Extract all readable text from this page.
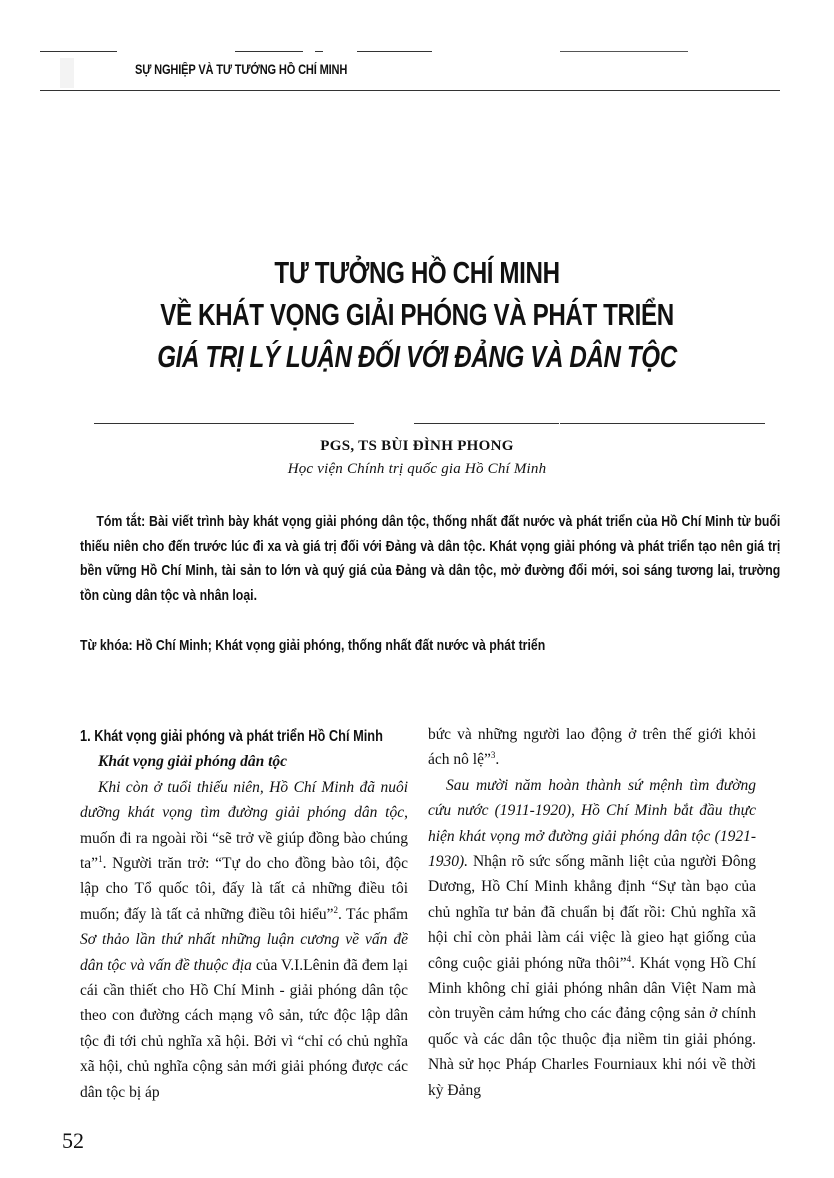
SỰ NGHIỆP VÀ TƯ TƯỞNG HỒ CHÍ MINH
TƯ TƯỞNG HỒ CHÍ MINH
VỀ KHÁT VỌNG GIẢI PHÓNG VÀ PHÁT TRIỂN
GIÁ TRỊ LÝ LUẬN ĐỐI VỚI ĐẢNG VÀ DÂN TỘC
PGS, TS BÙI ĐÌNH PHONG
Học viện Chính trị quốc gia Hồ Chí Minh
Tóm tắt: Bài viết trình bày khát vọng giải phóng dân tộc, thống nhất đất nước và phát triển của Hồ Chí Minh từ buổi thiếu niên cho đến trước lúc đi xa và giá trị đối với Đảng và dân tộc. Khát vọng giải phóng và phát triển tạo nên giá trị bền vững Hồ Chí Minh, tài sản to lớn và quý giá của Đảng và dân tộc, mở đường đổi mới, soi sáng tương lai, trường tồn cùng dân tộc và nhân loại.
Từ khóa: Hồ Chí Minh; Khát vọng giải phóng, thống nhất đất nước và phát triển
1. Khát vọng giải phóng và phát triển Hồ Chí Minh
Khát vọng giải phóng dân tộc
Khi còn ở tuổi thiếu niên, Hồ Chí Minh đã nuôi dưỡng khát vọng tìm đường giải phóng dân tộc, muốn đi ra ngoài rồi “sẽ trở về giúp đồng bào chúng ta”$^1$. Người trăn trở: “Tự do cho đồng bào tôi, độc lập cho Tổ quốc tôi, đấy là tất cả những điều tôi muốn; đấy là tất cả những điều tôi hiểu”$^2$. Tác phẩm Sơ thảo lần thứ nhất những luận cương về vấn đề dân tộc và vấn đề thuộc địa của V.I.Lênin đã đem lại cái cần thiết cho Hồ Chí Minh - giải phóng dân tộc theo con đường cách mạng vô sản, tức độc lập dân tộc đi tới chủ nghĩa xã hội. Bởi vì “chỉ có chủ nghĩa xã hội, chủ nghĩa cộng sản mới giải phóng được các dân tộc bị áp
bức và những người lao động ở trên thế giới khỏi ách nô lệ”$^3$.
Sau mười năm hoàn thành sứ mệnh tìm đường cứu nước (1911-1920), Hồ Chí Minh bắt đầu thực hiện khát vọng mở đường giải phóng dân tộc (1921-1930). Nhận rõ sức sống mãnh liệt của người Đông Dương, Hồ Chí Minh khẳng định “Sự tàn bạo của chủ nghĩa tư bản đã chuẩn bị đất rồi: Chủ nghĩa xã hội chỉ còn phải làm cái việc là gieo hạt giống của công cuộc giải phóng nữa thôi”$^4$. Khát vọng Hồ Chí Minh không chỉ giải phóng nhân dân Việt Nam mà còn truyền cảm hứng cho các đảng cộng sản ở chính quốc và các dân tộc thuộc địa niềm tin giải phóng. Nhà sử học Pháp Charles Fourniaux khi nói về thời kỳ Đảng
52
